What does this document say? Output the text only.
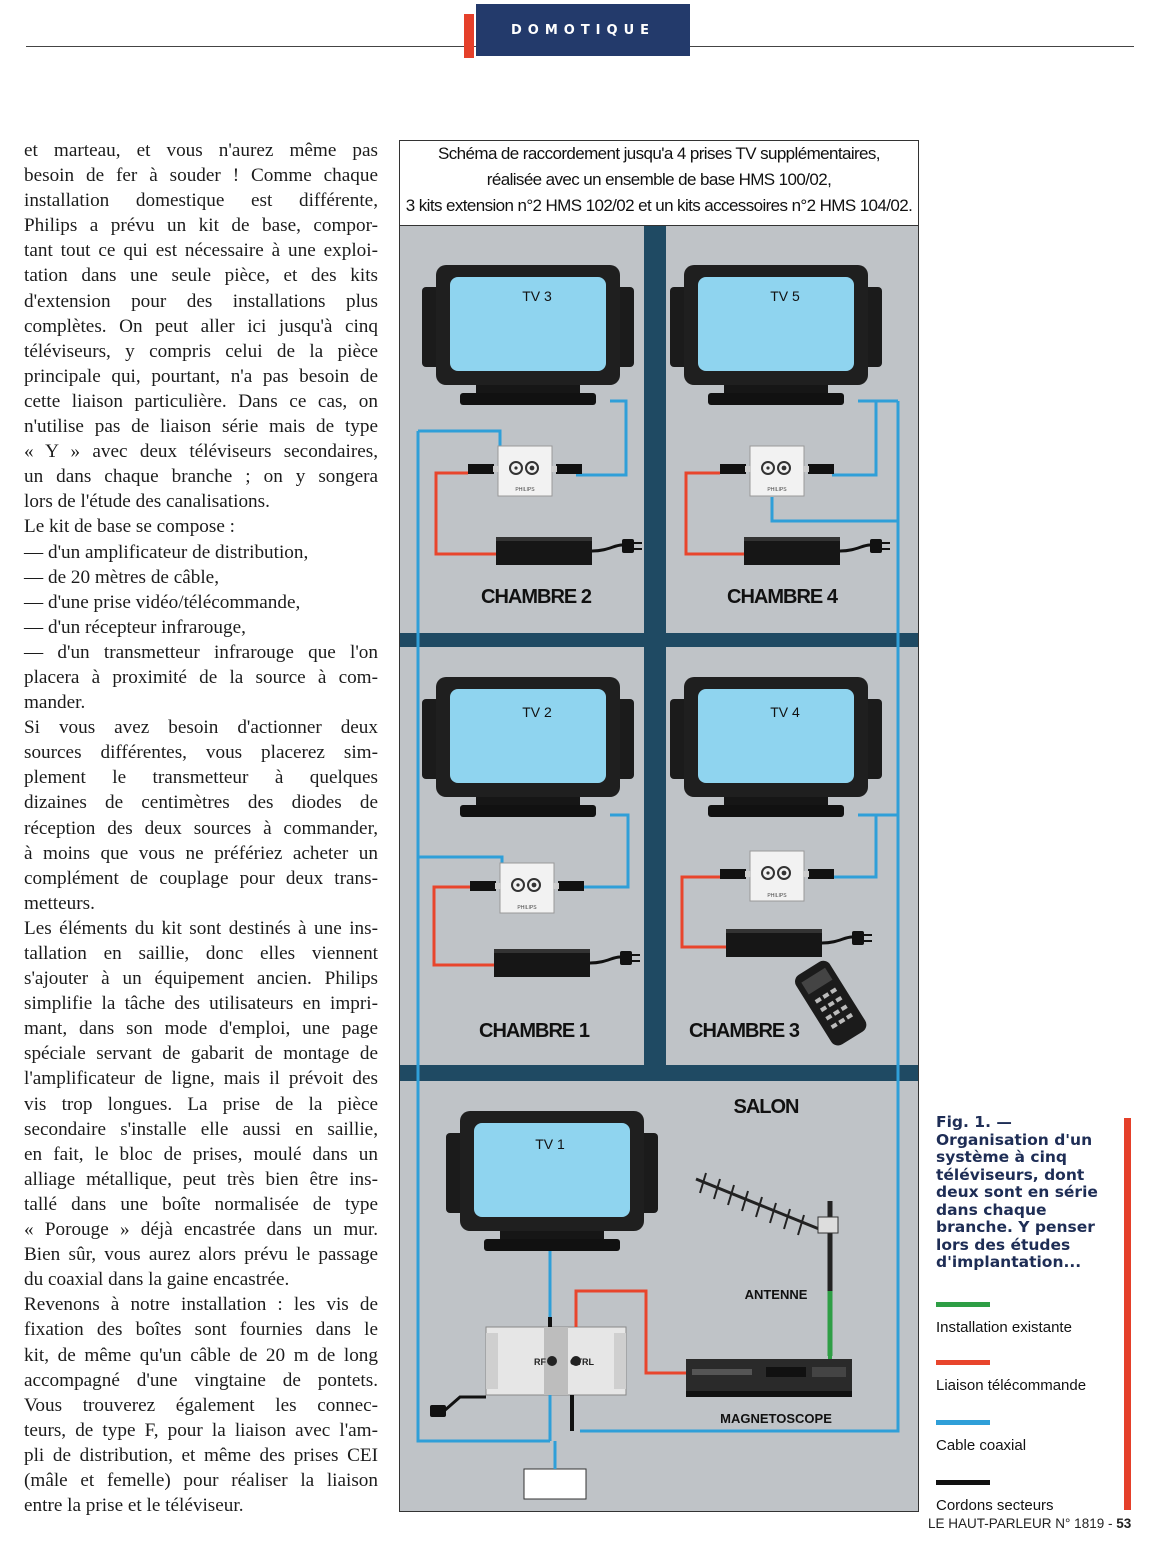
DOMOTIQUE
et marteau, et vous n'aurez même pas
besoin de fer à souder ! Comme chaque
installation domestique est différente,
Philips a prévu un kit de base, compor-
tant tout ce qui est nécessaire à une exploi-
tation dans une seule pièce, et des kits
d'extension pour des installations plus
complètes. On peut aller ici jusqu'à cinq
téléviseurs, y compris celui de la pièce
principale qui, pourtant, n'a pas besoin de
cette liaison particulière. Dans ce cas, on
n'utilise pas de liaison série mais de type
« Y » avec deux téléviseurs secondaires,
un dans chaque branche ; on y songera
lors de l'étude des canalisations.
Le kit de base se compose :
— d'un amplificateur de distribution,
— de 20 mètres de câble,
— d'une prise vidéo/télécommande,
— d'un récepteur infrarouge,
— d'un transmetteur infrarouge que l'on
placera à proximité de la source à com-
mander.
Si vous avez besoin d'actionner deux
sources différentes, vous placerez sim-
plement le transmetteur à quelques
dizaines de centimètres des diodes de
réception des deux sources à commander,
à moins que vous ne préfériez acheter un
complément de couplage pour deux trans-
metteurs.
Les éléments du kit sont destinés à une ins-
tallation en saillie, donc elles viennent
s'ajouter à un équipement ancien. Philips
simplifie la tâche des utilisateurs en impri-
mant, dans son mode d'emploi, une page
spéciale servant de gabarit de montage de
l'amplificateur de ligne, mais il prévoit des
vis trop longues. La prise de la pièce
secondaire s'installe elle aussi en saillie,
en fait, le bloc de prises, moulé dans un
alliage métallique, peut très bien être ins-
tallé dans une boîte normalisée de type
« Porouge » déjà encastrée dans un mur.
Bien sûr, vous aurez alors prévu le passage
du coaxial dans la gaine encastrée.
Revenons à notre installation : les vis de
fixation des boîtes sont fournies dans le
kit, de même qu'un câble de 20 m de long
accompagné d'une vingtaine de pontets.
Vous trouverez également les connec-
teurs, de type F, pour la liaison avec l'am-
pli de distribution, et même des prises CEI
(mâle et femelle) pour réaliser la liaison
entre la prise et le téléviseur.
TV 3
PHILIPS
CHAMBRE 2
TV 5
PHILIPS
CHAMBRE 4
TV 2
PHILIPS
CHAMBRE 1
TV 4
PHILIPS
CHAMBRE 3
SALON
TV 1
ANTENNE
RF	CTRL
MAGNETOSCOPE
Schéma de raccordement jusqu'a 4 prises TV supplémentaires,
réalisée avec un ensemble de base HMS 100/02,
3 kits extension n°2 HMS 102/02 et un kits accessoires n°2 HMS 104/02.
Fig. 1. —
Organisation d'un
système à cinq
téléviseurs, dont
deux sont en série
dans chaque
branche. Y penser
lors des études
d'implantation...
Installation existante
Liaison télécommande
Cable coaxial
Cordons secteurs
LE HAUT-PARLEUR N° 1819 - 53
